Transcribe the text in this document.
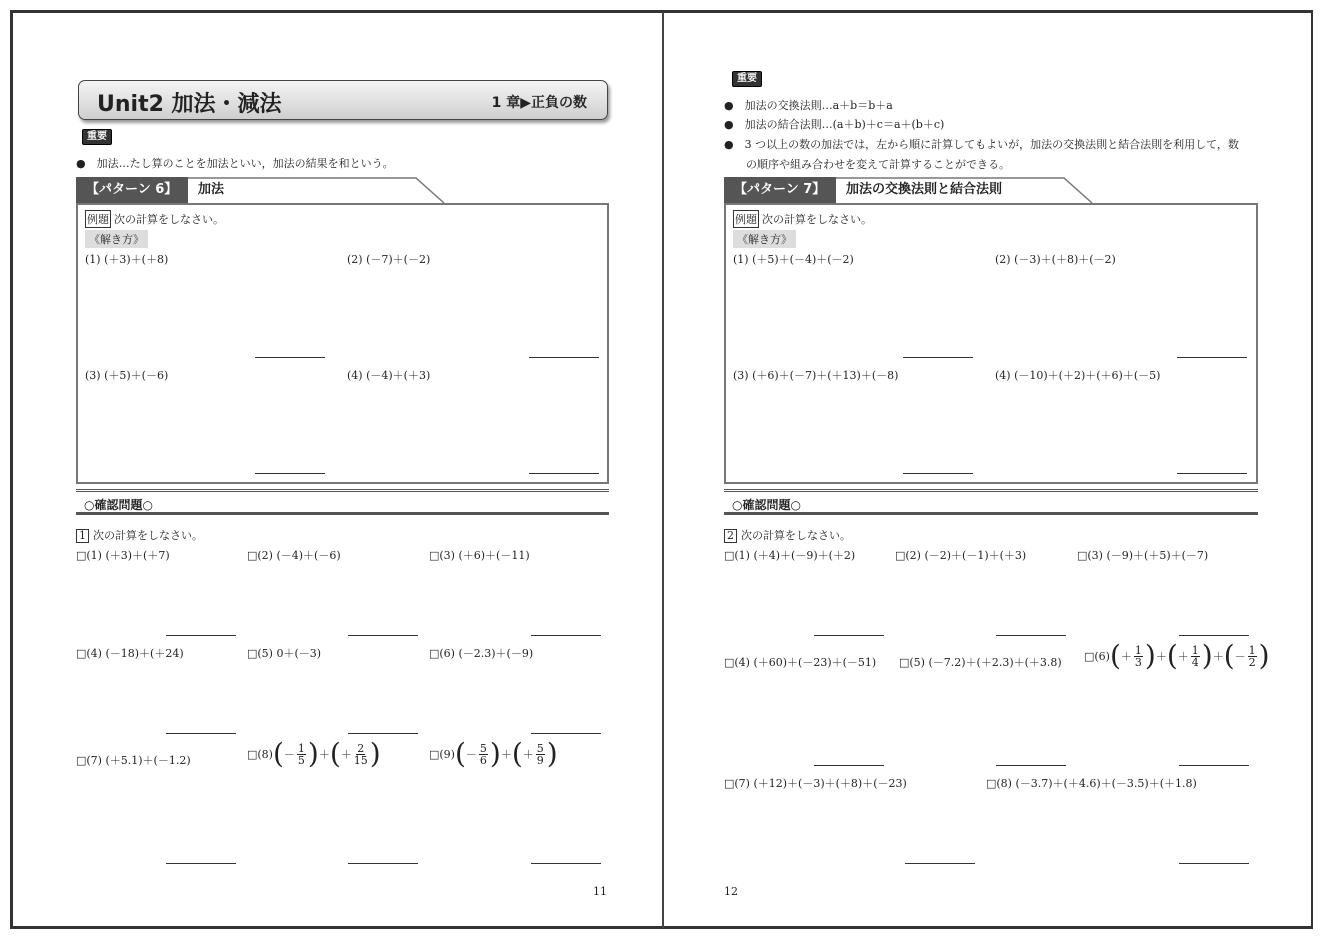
Unit2 加法・減法	1 章▶正負の数
重要
●　加法…たし算のことを加法といい，加法の結果を和という。
【パターン 6】	加法
例題 次の計算をしなさい。
《解き方》
(1) (＋3)＋(＋8)	(2) (－7)＋(－2)
(3) (＋5)＋(－6)	(4) (－4)＋(＋3)
○確認問題○
1 次の計算をしなさい。
□(1) (＋3)＋(＋7)	□(2) (－4)＋(－6)	□(3) (＋6)＋(－11)
□(4) (－18)＋(＋24)	□(5) 0＋(－3)	□(6) (－2.3)＋(－9)
□(7) (＋5.1)＋(－1.2)	□(8) ( － $\frac{1}{5}$ ) ＋ ( ＋ $\frac{2}{15}$ )	□(9) ( － $\frac{5}{6}$ ) ＋ ( ＋ $\frac{5}{9}$ )
11
重要
●　加法の交換法則…a＋b＝b＋a
●　加法の結合法則…(a＋b)＋c＝a＋(b＋c)
●　3 つ以上の数の加法では，左から順に計算してもよいが，加法の交換法則と結合法則を利用して，数
の順序や組み合わせを変えて計算することができる。
【パターン 7】	加法の交換法則と結合法則
例題 次の計算をしなさい。
《解き方》
(1) (＋5)＋(－4)＋(－2)	(2) (－3)＋(＋8)＋(－2)
(3) (＋6)＋(－7)＋(＋13)＋(－8)	(4) (－10)＋(＋2)＋(＋6)＋(－5)
○確認問題○
2 次の計算をしなさい。
□(1) (＋4)＋(－9)＋(＋2)	□(2) (－2)＋(－1)＋(＋3)	□(3) (－9)＋(＋5)＋(－7)
□(4) (＋60)＋(－23)＋(－51) □(5) (－7.2)＋(＋2.3)＋(＋3.8) □(6) ( ＋ $\frac{1}{3}$ ) ＋ ( ＋ $\frac{1}{4}$ ) ＋ ( － $\frac{1}{2}$ )
□(7) (＋12)＋(－3)＋(＋8)＋(－23)	□(8) (－3.7)＋(＋4.6)＋(－3.5)＋(＋1.8)
12
